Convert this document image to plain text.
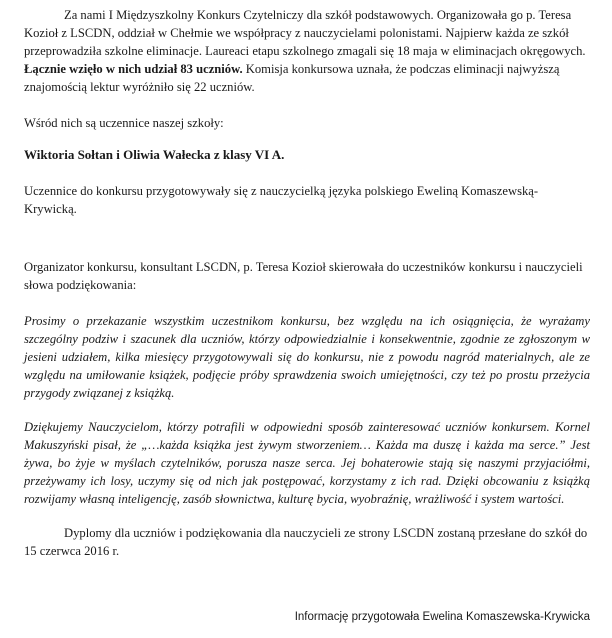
Za nami I Międzyszkolny Konkurs Czytelniczy dla szkół podstawowych. Organizowała go p. Teresa Kozioł z LSCDN, oddział w Chełmie we współpracy z nauczycielami polonistami. Najpierw każda ze szkół przeprowadziła szkolne eliminacje. Laureaci etapu szkolnego zmagali się 18 maja w eliminacjach okręgowych. Łącznie wzięło w nich udział 83 uczniów. Komisja konkursowa uznała, że podczas eliminacji najwyższą znajomością lektur wyróżniło się 22 uczniów.

Wśród nich są uczennice naszej szkoły:

Wiktoria Sołtan i Oliwia Wałecka z klasy VI A.

Uczennice do konkursu przygotowywały się z nauczycielką języka polskiego Eweliną Komaszewską-Krywicką.

Organizator konkursu, konsultant LSCDN, p. Teresa Kozioł skierowała do uczestników konkursu i nauczycieli słowa podziękowania:

Prosimy o przekazanie wszystkim uczestnikom konkursu, bez względu na ich osiągnięcia, że wyrażamy szczególny podziw i szacunek dla uczniów, którzy odpowiedzialnie i konsekwentnie, zgodnie ze zgłoszonym w jesieni udziałem, kilka miesięcy przygotowywali się do konkursu, nie z powodu nagród materialnych, ale ze względu na umiłowanie książek, podjęcie próby sprawdzenia swoich umiejętności, czy też po prostu przeżycia przygody związanej z książką.

Dziękujemy Nauczycielom, którzy potrafili w odpowiedni sposób zainteresować uczniów konkursem. Kornel Makuszyński pisał, że „…każda książka jest żywym stworzeniem… Każda ma duszę i każda ma serce.” Jest żywa, bo żyje w myślach czytelników, porusza nasze serca. Jej bohaterowie stają się naszymi przyjaciółmi, przeżywamy ich losy, uczymy się od nich jak postępować, korzystamy z ich rad. Dzięki obcowaniu z książką rozwijamy własną inteligencję, zasób słownictwa, kulturę bycia, wyobraźnię, wrażliwość i system wartości.

Dyplomy dla uczniów i podziękowania dla nauczycieli ze strony LSCDN zostaną przesłane do szkół do 15 czerwca 2016 r.

Informację przygotowała Ewelina Komaszewska-Krywicka
